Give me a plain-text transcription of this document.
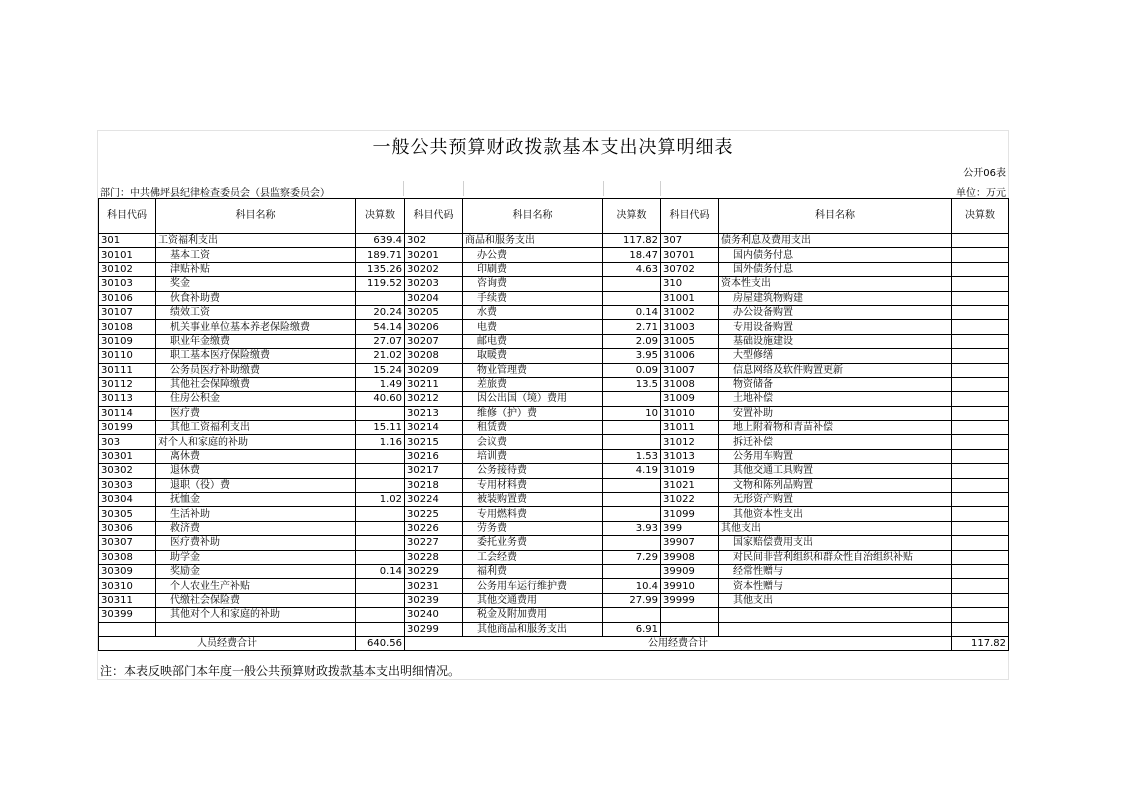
一般公共预算财政拨款基本支出决算明细表
公开06表
部门：中共佛坪县纪律检查委员会（县监察委员会）	单位：万元
科目代码	科目名称	决算数	科目代码	科目名称	决算数	科目代码	科目名称	决算数
301	工资福利支出	639.4	302	商品和服务支出	117.82	307	债务利息及费用支出	
30101	基本工资	189.71	30201	办公费	18.47	30701	国内债务付息	
30102	津贴补贴	135.26	30202	印刷费	4.63	30702	国外债务付息	
30103	奖金	119.52	30203	咨询费		310	资本性支出	
30106	伙食补助费		30204	手续费		31001	房屋建筑物购建	
30107	绩效工资	20.24	30205	水费	0.14	31002	办公设备购置	
30108	机关事业单位基本养老保险缴费	54.14	30206	电费	2.71	31003	专用设备购置	
30109	职业年金缴费	27.07	30207	邮电费	2.09	31005	基础设施建设	
30110	职工基本医疗保险缴费	21.02	30208	取暖费	3.95	31006	大型修缮	
30111	公务员医疗补助缴费	15.24	30209	物业管理费	0.09	31007	信息网络及软件购置更新	
30112	其他社会保障缴费	1.49	30211	差旅费	13.5	31008	物资储备	
30113	住房公积金	40.60	30212	因公出国（境）费用		31009	土地补偿	
30114	医疗费		30213	维修（护）费	10	31010	安置补助	
30199	其他工资福利支出	15.11	30214	租赁费		31011	地上附着物和青苗补偿	
303	对个人和家庭的补助	1.16	30215	会议费		31012	拆迁补偿	
30301	离休费		30216	培训费	1.53	31013	公务用车购置	
30302	退休费		30217	公务接待费	4.19	31019	其他交通工具购置	
30303	退职（役）费		30218	专用材料费		31021	文物和陈列品购置	
30304	抚恤金	1.02	30224	被装购置费		31022	无形资产购置	
30305	生活补助		30225	专用燃料费		31099	其他资本性支出	
30306	救济费		30226	劳务费	3.93	399	其他支出	
30307	医疗费补助		30227	委托业务费		39907	国家赔偿费用支出	
30308	助学金		30228	工会经费	7.29	39908	对民间非营利组织和群众性自治组织补贴	
30309	奖励金	0.14	30229	福利费		39909	经常性赠与	
30310	个人农业生产补贴		30231	公务用车运行维护费	10.4	39910	资本性赠与	
30311	代缴社会保险费		30239	其他交通费用	27.99	39999	其他支出	
30399	其他对个人和家庭的补助		30240	税金及附加费用				
			30299	其他商品和服务支出	6.91			
人员经费合计		640.56	公用经费合计					117.82
注：本表反映部门本年度一般公共预算财政拨款基本支出明细情况。
